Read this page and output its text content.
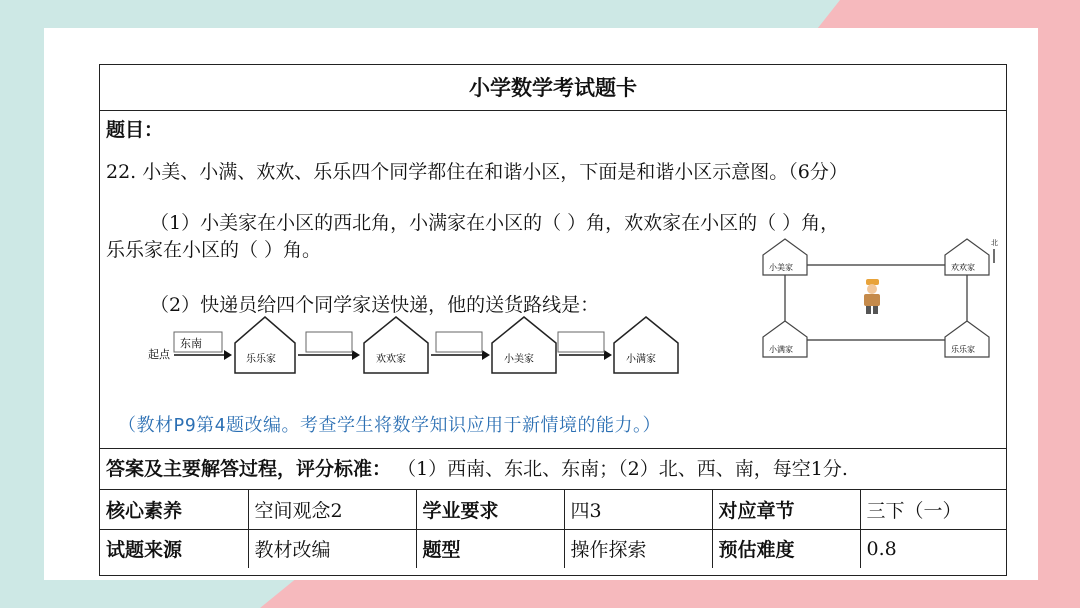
小学数学考试题卡
题目：
22. 小美、小满、欢欢、乐乐四个同学都住在和谐小区，下面是和谐小区示意图。（6分）
（1）小美家在小区的西北角，小满家在小区的（ ）角，欢欢家在小区的（ ）角，
乐乐家在小区的（ ）角。
（2）快递员给四个同学家送快递，他的送货路线是：
起点
东南
乐乐家	欢欢家	小美家	小满家
小美家	欢欢家
小满家	乐乐家
北
（教材P9第4题改编。考查学生将数学知识应用于新情境的能力。）
答案及主要解答过程，评分标准： （1）西南、东北、东南；（2）北、西、南，每空1分.
核心素养	空间观念2	学业要求	四3	对应章节	三下（一）
试题来源	教材改编	题型	操作探索	预估难度	0.8
